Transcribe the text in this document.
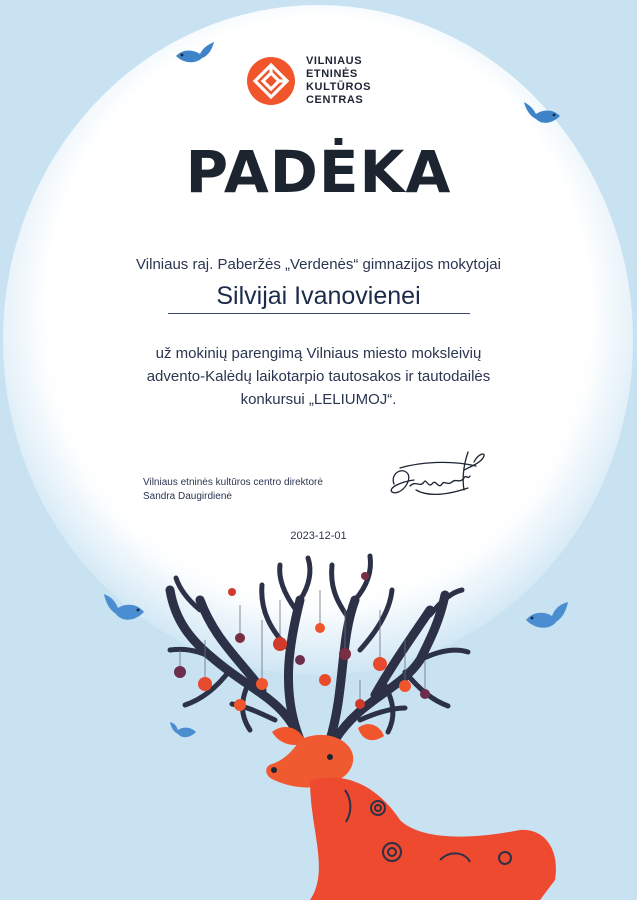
VILNIAUS
ETNINĖS
KULTŪROS
CENTRAS
PADĖKA
Vilniaus raj. Paberžės „Verdenės“ gimnazijos mokytojai
Silvijai Ivanovienei
už mokinių parengimą Vilniaus miesto moksleivių
advento-Kalėdų laikotarpio tautosakos ir tautodailės
konkursui „LELIUMOJ“.
Vilniaus etninės kultūros centro direktorė
Sandra Daugirdienė
2023-12-01
